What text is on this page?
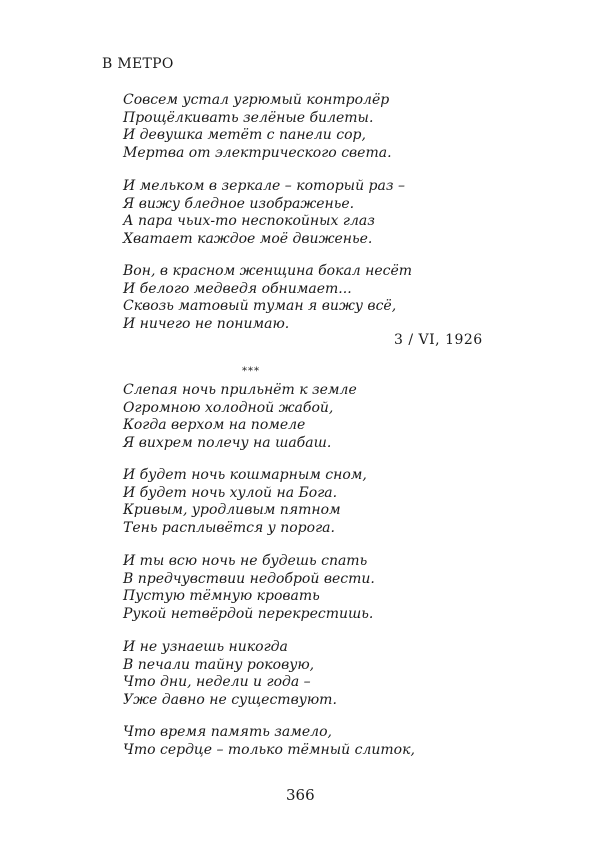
В МЕТРО
Совсем устал угрюмый контролёр
Прощёлкивать зелёные билеты.
И девушка метёт с панели сор,
Мертва от электрического света.
И мельком в зеркале – который раз –
Я вижу бледное изображенье.
А пара чьих-то неспокойных глаз
Хватает каждое моё движенье.
Вон, в красном женщина бокал несёт
И белого медведя обнимает...
Сквозь матовый туман я вижу всё,
И ничего не понимаю.
3 / VI, 1926
***
Слепая ночь прильнёт к земле
Огромною холодной жабой,
Когда верхом на помеле
Я вихрем полечу на шабаш.
И будет ночь кошмарным сном,
И будет ночь хулой на Бога.
Кривым, уродливым пятном
Тень расплывётся у порога.
И ты всю ночь не будешь спать
В предчувствии недоброй вести.
Пустую тёмную кровать
Рукой нетвёрдой перекрестишь.
И не узнаешь никогда
В печали тайну роковую,
Что дни, недели и года –
Уже давно не существуют.
Что время память замело,
Что сердце – только тёмный слиток,
366
